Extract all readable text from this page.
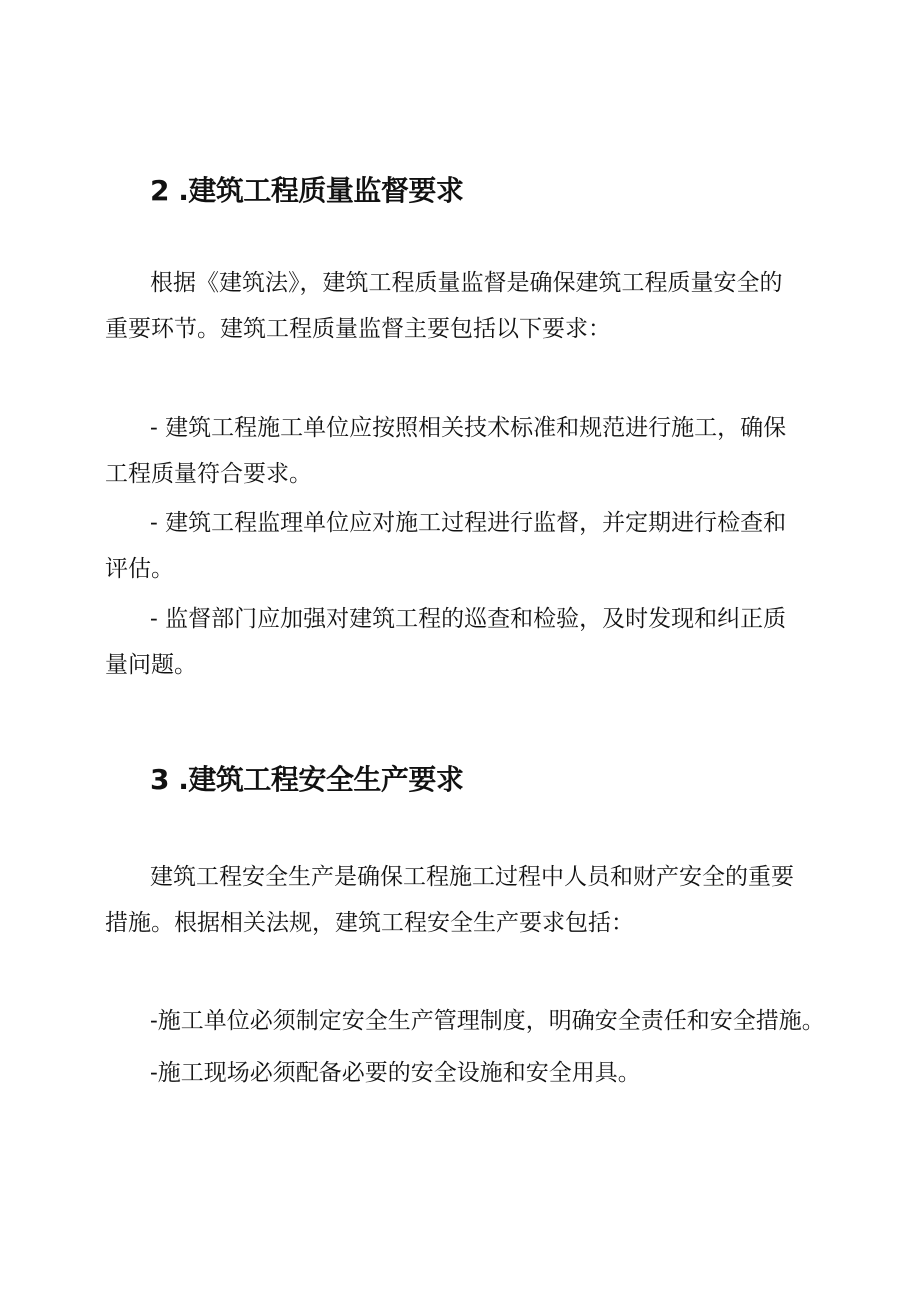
2 .建筑工程质量监督要求
根据《建筑法》，建筑工程质量监督是确保建筑工程质量安全的
重要环节。建筑工程质量监督主要包括以下要求：
- 建筑工程施工单位应按照相关技术标准和规范进行施工，确保
工程质量符合要求。
- 建筑工程监理单位应对施工过程进行监督，并定期进行检查和
评估。
- 监督部门应加强对建筑工程的巡查和检验，及时发现和纠正质
量问题。
3 .建筑工程安全生产要求
建筑工程安全生产是确保工程施工过程中人员和财产安全的重要
措施。根据相关法规，建筑工程安全生产要求包括：
-施工单位必须制定安全生产管理制度，明确安全责任和安全措施。
-施工现场必须配备必要的安全设施和安全用具。
